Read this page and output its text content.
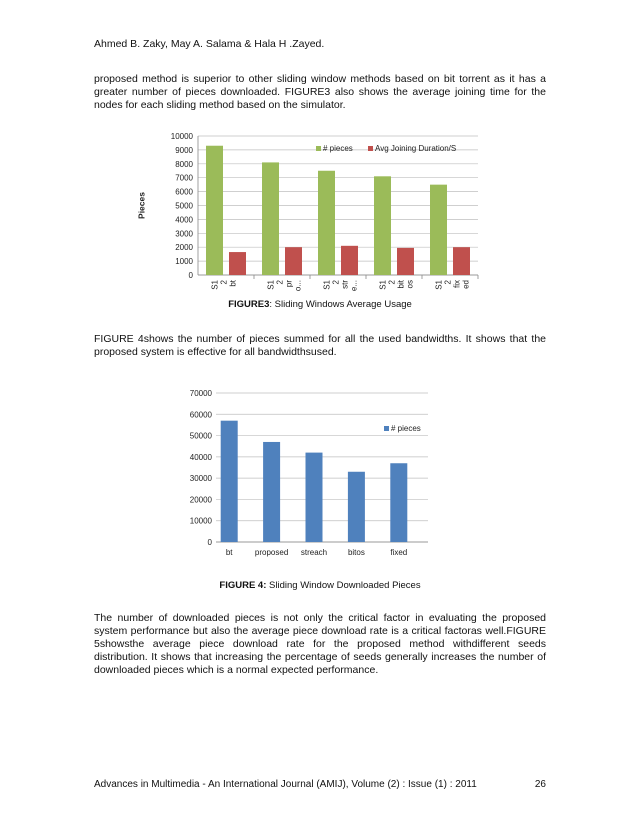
Ahmed B. Zaky, May A. Salama & Hala H .Zayed.
proposed method is superior to other sliding window methods based on bit torrent as it has a greater number of pieces downloaded. FIGURE3 also shows the average joining time for the nodes for each sliding method based on the simulator.
0
1000
2000
3000
4000
5000
6000
7000
8000
9000
10000
S1 2 bt	S1 2 pr o...	S1 2 str e...	S1 2 bit os	S1 2 fix ed
Pieces
# pieces	Avg Joining Duration/S
FIGURE3: Sliding Windows Average Usage
FIGURE 4shows the number of pieces summed for all the used bandwidths. It shows that the proposed system is effective for all bandwidthsused.
0
10000
20000
30000
40000
50000
60000
70000
bt	proposed streach	bitos	fixed
# pieces
FIGURE 4: Sliding Window Downloaded Pieces
The number of downloaded pieces is not only the critical factor in evaluating the proposed system performance but also the average piece download rate is a critical factoras well.FIGURE 5showsthe average piece download rate for the proposed method withdifferent seeds distribution. It shows that increasing the percentage of seeds generally increases the number of downloaded pieces which is a normal expected performance.
Advances in Multimedia - An International Journal (AMIJ), Volume (2) : Issue (1) : 2011	26
